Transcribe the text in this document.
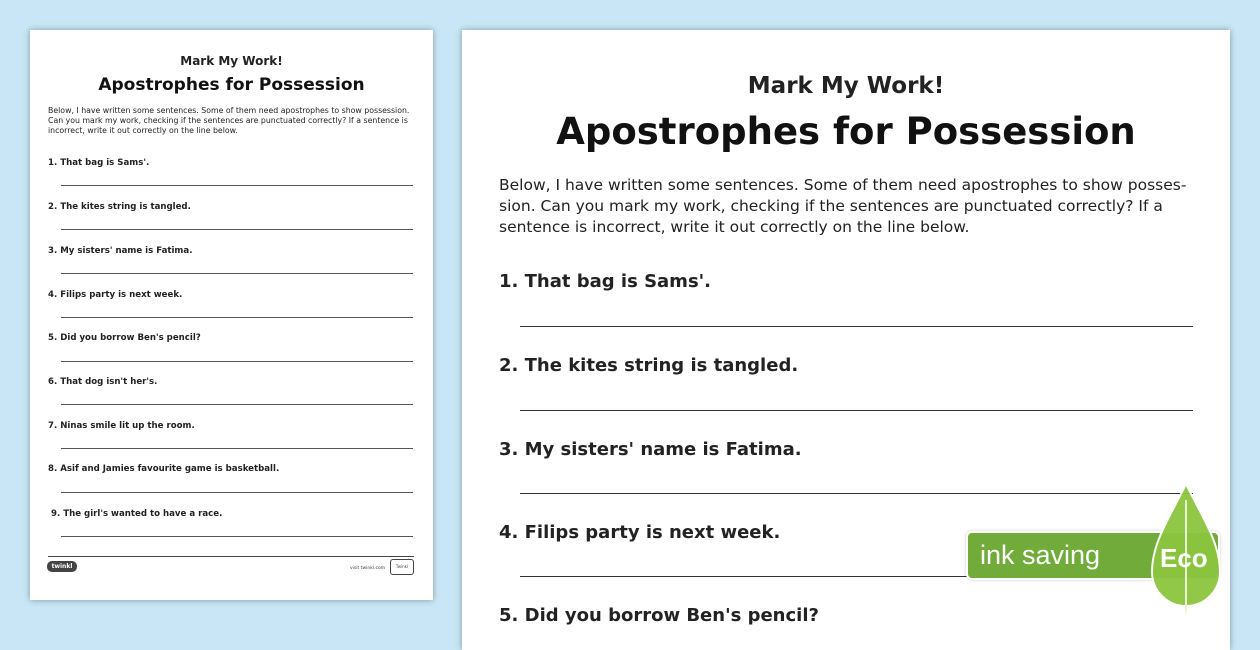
Mark My Work!
Apostrophes for Possession
Below, I have written some sentences. Some of them need apostrophes to show possession. Can you mark my work, checking if the sentences are punctuated correctly? If a sentence is incorrect, write it out correctly on the line below.
1. That bag is Sams'.
2. The kites string is tangled.
3. My sisters' name is Fatima.
4. Filips party is next week.
5. Did you borrow Ben's pencil?
6. That dog isn't her's.
7. Ninas smile lit up the room.
8. Asif and Jamies favourite game is basketball.
9. The girl's wanted to have a race.
twinkl	visit twinkl.com	Twinkl
Mark My Work!
Apostrophes for Possession
Below, I have written some sentences. Some of them need apostrophes to show posses-
sion. Can you mark my work, checking if the sentences are punctuated correctly? If a
sentence is incorrect, write it out correctly on the line below.
1. That bag is Sams'.
2. The kites string is tangled.
3. My sisters' name is Fatima.
4. Filips party is next week.
5. Did you borrow Ben's pencil?
ink saving Eco
